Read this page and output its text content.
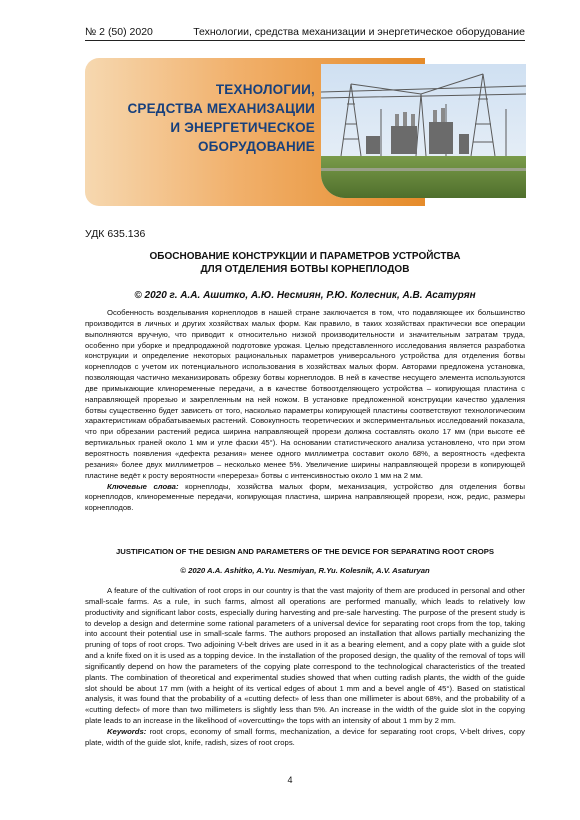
№ 2 (50) 2020	Технологии, средства механизации и энергетическое оборудование
ТЕХНОЛОГИИ,
СРЕДСТВА МЕХАНИЗАЦИИ
И ЭНЕРГЕТИЧЕСКОЕ
ОБОРУДОВАНИЕ
УДК 635.136
ОБОСНОВАНИЕ КОНСТРУКЦИИ И ПАРАМЕТРОВ УСТРОЙСТВА
ДЛЯ ОТДЕЛЕНИЯ БОТВЫ КОРНЕПЛОДОВ
© 2020 г. А.А. Ашитко, А.Ю. Несмиян, Р.Ю. Колесник, А.В. Асатурян

Особенность возделывания корнеплодов в нашей стране заключается в том, что подавляющее их большинство производится в личных и других хозяйствах малых форм. Как правило, в таких хозяйствах практически все операции выполняются вручную, что приводит к относительно низкой производительности и значительным затратам труда, особенно при уборке и предпродажной подготовке урожая. Целью представленного исследования является разработка конструкции и определение некоторых рациональных параметров универсального устройства для отделения ботвы корнеплодов с учетом их потенциального использования в хозяйствах малых форм. Авторами предложена установка, позволяющая частично механизировать обрезку ботвы корнеплодов. В ней в качестве несущего элемента используются две примыкающие клиноременные передачи, а в качестве ботвоотделяющего устройства – копирующая пластина с направляющей прорезью и закрепленным на ней ножом. В установке предложенной конструкции качество удаления ботвы существенно будет зависеть от того, насколько параметры копирующей пластины соответствуют технологическим характеристикам обрабатываемых растений. Совокупность теоретических и экспериментальных исследований показала, что при обрезании растений редиса ширина направляющей прорези должна составлять около 17 мм (при высоте её вертикальных граней около 1 мм и угле фаски 45°). На основании статистического анализа установлено, что при этом вероятность появления «дефекта резания» менее одного миллиметра составит около 68%, а вероятность «дефекта резания» более двух миллиметров – несколько менее 5%. Увеличение ширины направляющей прорези в копирующей пластине ведёт к росту вероятности «перереза» ботвы с интенсивностью около 1 мм на 2 мм.

Ключевые слова: корнеплоды, хозяйства малых форм, механизация, устройство для отделения ботвы корнеплодов, клиноременные передачи, копирующая пластина, ширина направляющей прорези, нож, редис, размеры корнеплодов.

JUSTIFICATION OF THE DESIGN AND PARAMETERS OF THE DEVICE FOR SEPARATING ROOT CROPS
© 2020 A.A. Ashitko, A.Yu. Nesmiyan, R.Yu. Kolesnik, A.V. Asaturyan

A feature of the cultivation of root crops in our country is that the vast majority of them are produced in personal and other small-scale farms. As a rule, in such farms, almost all operations are performed manually, which leads to relatively low productivity and significant labor costs, especially during harvesting and pre-sale harvesting. The purpose of the present study is to develop a design and determine some rational parameters of a universal device for separating root crops from the top, taking into account their potential use in small-scale farms. The authors proposed an installation that allows partially mechanizing the pruning of tops of root crops. Two adjoining V-belt drives are used in it as a bearing element, and a copy plate with a guide slot and a knife fixed on it is used as a topping device. In the installation of the proposed design, the quality of the removal of tops will significantly depend on how the parameters of the copying plate correspond to the technological characteristics of the treated plants. The combination of theoretical and experimental studies showed that when cutting radish plants, the width of the guide slot should be about 17 mm (with a height of its vertical edges of about 1 mm and a bevel angle of 45°). Based on statistical analysis, it was found that the probability of a «cutting defect» of less than one millimeter is about 68%, and the probability of a «cutting defect» of more than two millimeters is slightly less than 5%. An increase in the width of the guide slot in the copying plate leads to an increase in the likelihood of «overcutting» the tops with an intensity of about 1 mm by 2 mm.

Keywords: root crops, economy of small forms, mechanization, a device for separating root crops, V-belt drives, copy plate, width of the guide slot, knife, radish, sizes of root crops.

4
